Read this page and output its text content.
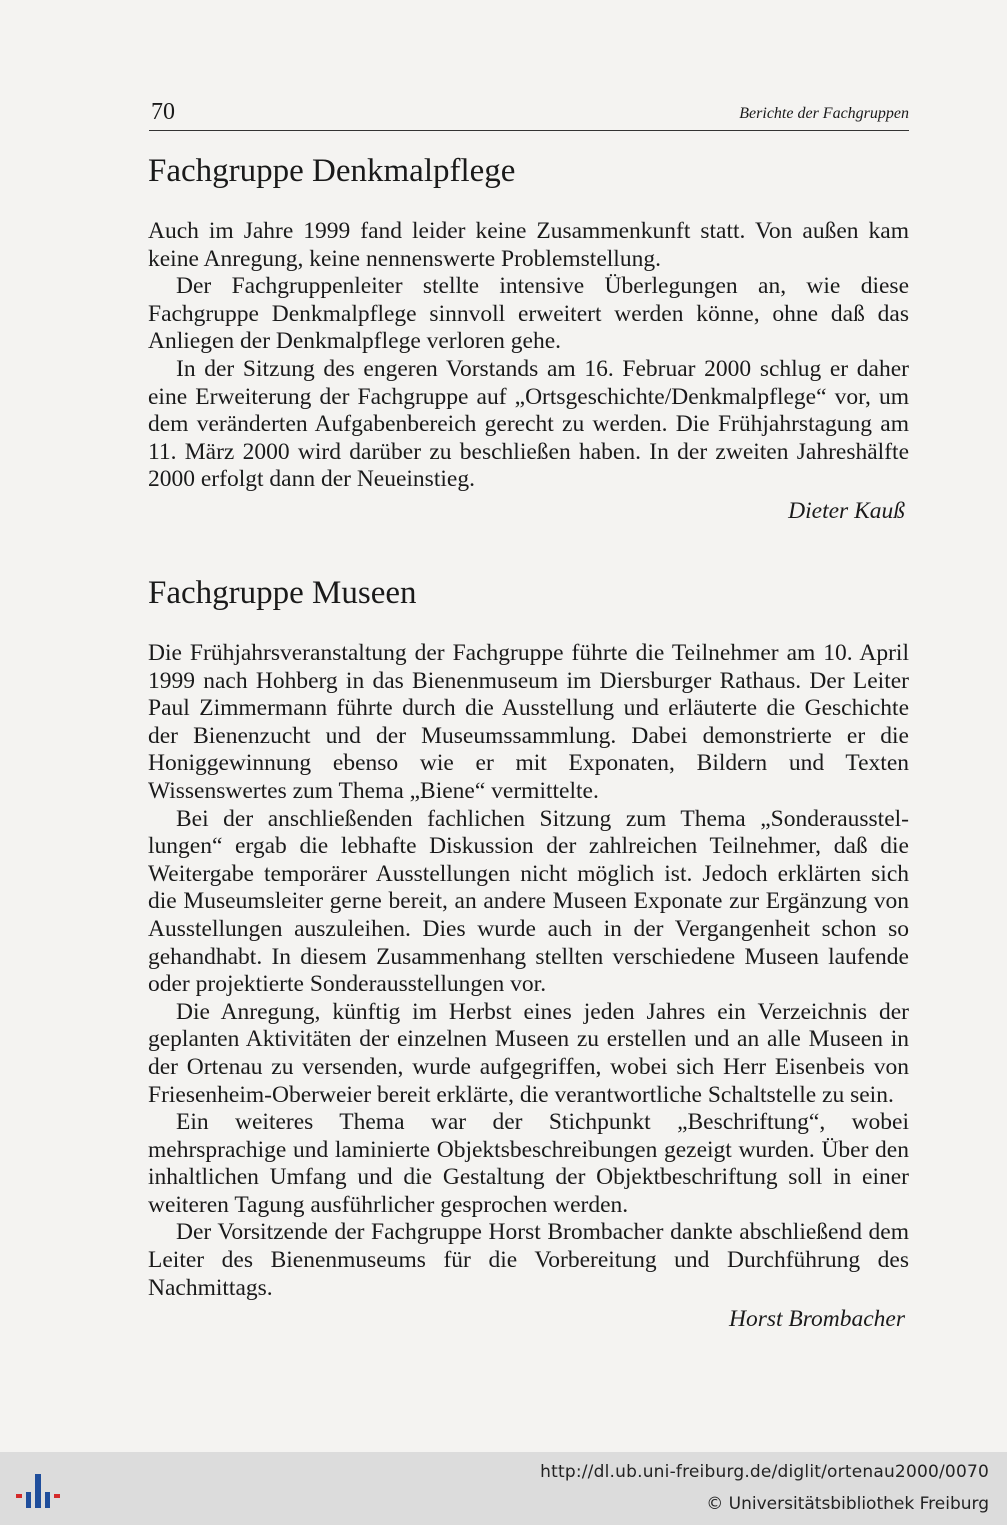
70	Berichte der Fachgruppen
Fachgruppe Denkmalpflege

Auch im Jahre 1999 fand leider keine Zusammenkunft statt. Von außen kam keine Anregung, keine nennenswerte Problemstellung.

Der Fachgruppenleiter stellte intensive Überlegungen an, wie diese Fachgruppe Denkmalpflege sinnvoll erweitert werden könne, ohne daß das Anliegen der Denkmalpflege verloren gehe.

In der Sitzung des engeren Vorstands am 16. Februar 2000 schlug er daher eine Erweiterung der Fachgruppe auf „Ortsgeschichte/Denkmalpflege“ vor, um dem veränderten Aufgabenbereich gerecht zu werden. Die Frühjahrstagung am 11. März 2000 wird darüber zu beschließen haben. In der zweiten Jahreshälfte 2000 erfolgt dann der Neueinstieg.

Dieter Kauß
Fachgruppe Museen

Die Frühjahrsveranstaltung der Fachgruppe führte die Teilnehmer am 10. April 1999 nach Hohberg in das Bienenmuseum im Diersburger Rathaus. Der Leiter Paul Zimmermann führte durch die Ausstellung und erläuterte die Geschichte der Bienenzucht und der Museumssammlung. Dabei demonstrierte er die Honiggewinnung ebenso wie er mit Exponaten, Bildern und Texten Wissenswertes zum Thema „Biene“ vermittelte.

Bei der anschließenden fachlichen Sitzung zum Thema „Sonderausstellungen“ ergab die lebhafte Diskussion der zahlreichen Teilnehmer, daß die Weitergabe temporärer Ausstellungen nicht möglich ist. Jedoch erklärten sich die Museumsleiter gerne bereit, an andere Museen Exponate zur Ergänzung von Ausstellungen auszuleihen. Dies wurde auch in der Vergangenheit schon so gehandhabt. In diesem Zusammenhang stellten verschiedene Museen laufende oder projektierte Sonderausstellungen vor.

Die Anregung, künftig im Herbst eines jeden Jahres ein Verzeichnis der geplanten Aktivitäten der einzelnen Museen zu erstellen und an alle Museen in der Ortenau zu versenden, wurde aufgegriffen, wobei sich Herr Eisenbeis von Friesenheim-Oberweier bereit erklärte, die verantwortliche Schaltstelle zu sein.

Ein weiteres Thema war der Stichpunkt „Beschriftung“, wobei mehrsprachige und laminierte Objektsbeschreibungen gezeigt wurden. Über den inhaltlichen Umfang und die Gestaltung der Objektbeschriftung soll in einer weiteren Tagung ausführlicher gesprochen werden.

Der Vorsitzende der Fachgruppe Horst Brombacher dankte abschließend dem Leiter des Bienenmuseums für die Vorbereitung und Durchführung des Nachmittags.

Horst Brombacher
http://dl.ub.uni-freiburg.de/diglit/ortenau2000/0070
© Universitätsbibliothek Freiburg
